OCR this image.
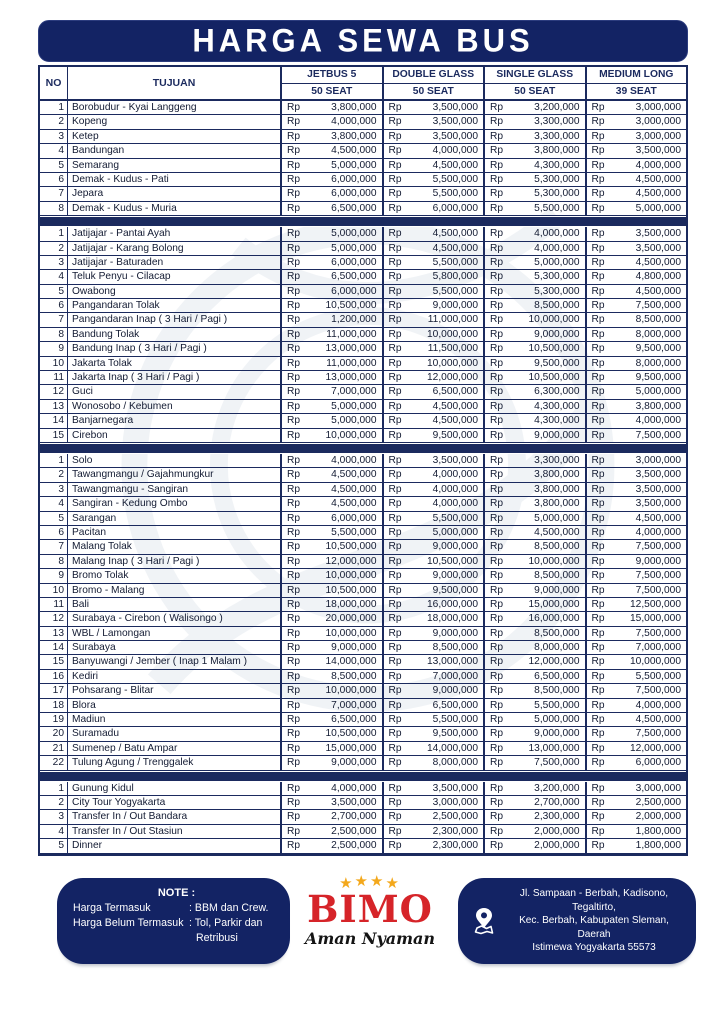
HARGA SEWA BUS
NO	TUJUAN
JETBUS 5
50 SEAT
DOUBLE GLASS
50 SEAT
SINGLE GLASS
50 SEAT
MEDIUM LONG
39 SEAT
1 Borobudur - Kyai Langgeng	Rp	3,800,000 Rp	3,500,000 Rp	3,200,000 Rp	3,000,000
2 Kopeng	Rp	4,000,000 Rp	3,500,000 Rp	3,300,000 Rp	3,000,000
3 Ketep	Rp	3,800,000 Rp	3,500,000 Rp	3,300,000 Rp	3,000,000
4 Bandungan	Rp	4,500,000 Rp	4,000,000 Rp	3,800,000 Rp	3,500,000
5 Semarang	Rp	5,000,000 Rp	4,500,000 Rp	4,300,000 Rp	4,000,000
6 Demak - Kudus - Pati	Rp	6,000,000 Rp	5,500,000 Rp	5,300,000 Rp	4,500,000
7 Jepara	Rp	6,000,000 Rp	5,500,000 Rp	5,300,000 Rp	4,500,000
8 Demak - Kudus - Muria	Rp	6,500,000 Rp	6,000,000 Rp	5,500,000 Rp	5,000,000
1 Jatijajar - Pantai Ayah	Rp	5,000,000 Rp	4,500,000 Rp	4,000,000 Rp	3,500,000
2 Jatijajar - Karang Bolong	Rp	5,000,000 Rp	4,500,000 Rp	4,000,000 Rp	3,500,000
3 Jatijajar - Baturaden	Rp	6,000,000 Rp	5,500,000 Rp	5,000,000 Rp	4,500,000
4 Teluk Penyu - Cilacap	Rp	6,500,000 Rp	5,800,000 Rp	5,300,000 Rp	4,800,000
5 Owabong	Rp	6,000,000 Rp	5,500,000 Rp	5,300,000 Rp	4,500,000
6 Pangandaran Tolak	Rp 10,500,000 Rp	9,000,000 Rp	8,500,000 Rp	7,500,000
7 Pangandaran Inap ( 3 Hari / Pagi )	Rp	1,200,000 Rp	11,000,000 Rp 10,000,000 Rp	8,500,000
8 Bandung Tolak	Rp	11,000,000 Rp 10,000,000 Rp	9,000,000 Rp	8,000,000
9 Bandung Inap ( 3 Hari / Pagi )	Rp 13,000,000 Rp	11,500,000 Rp 10,500,000 Rp	9,500,000
10 Jakarta Tolak	Rp	11,000,000 Rp 10,000,000 Rp	9,500,000 Rp	8,000,000
11 Jakarta Inap ( 3 Hari / Pagi )	Rp 13,000,000 Rp 12,000,000 Rp 10,500,000 Rp	9,500,000
12 Guci	Rp	7,000,000 Rp	6,500,000 Rp	6,300,000 Rp	5,000,000
13 Wonosobo / Kebumen	Rp	5,000,000 Rp	4,500,000 Rp	4,300,000 Rp	3,800,000
14 Banjarnegara	Rp	5,000,000 Rp	4,500,000 Rp	4,300,000 Rp	4,000,000
15 Cirebon	Rp 10,000,000 Rp	9,500,000 Rp	9,000,000 Rp	7,500,000
1 Solo	Rp	4,000,000 Rp	3,500,000 Rp	3,300,000 Rp	3,000,000
2 Tawangmangu / Gajahmungkur	Rp	4,500,000 Rp	4,000,000 Rp	3,800,000 Rp	3,500,000
3 Tawangmangu - Sangiran	Rp	4,500,000 Rp	4,000,000 Rp	3,800,000 Rp	3,500,000
4 Sangiran - Kedung Ombo	Rp	4,500,000 Rp	4,000,000 Rp	3,800,000 Rp	3,500,000
5 Sarangan	Rp	6,000,000 Rp	5,500,000 Rp	5,000,000 Rp	4,500,000
6 Pacitan	Rp	5,500,000 Rp	5,000,000 Rp	4,500,000 Rp	4,000,000
7 Malang Tolak	Rp 10,500,000 Rp	9,000,000 Rp	8,500,000 Rp	7,500,000
8 Malang Inap ( 3 Hari / Pagi )	Rp 12,000,000 Rp 10,500,000 Rp 10,000,000 Rp	9,000,000
9 Bromo Tolak	Rp 10,000,000 Rp	9,000,000 Rp	8,500,000 Rp	7,500,000
10 Bromo - Malang	Rp 10,500,000 Rp	9,500,000 Rp	9,000,000 Rp	7,500,000
11 Bali	Rp 18,000,000 Rp 16,000,000 Rp 15,000,000 Rp 12,500,000
12 Surabaya - Cirebon ( Walisongo )	Rp 20,000,000 Rp 18,000,000 Rp 16,000,000 Rp 15,000,000
13 WBL / Lamongan	Rp 10,000,000 Rp	9,000,000 Rp	8,500,000 Rp	7,500,000
14 Surabaya	Rp	9,000,000 Rp	8,500,000 Rp	8,000,000 Rp	7,000,000
15 Banyuwangi / Jember ( Inap 1 Malam )	Rp 14,000,000 Rp 13,000,000 Rp 12,000,000 Rp 10,000,000
16 Kediri	Rp	8,500,000 Rp	7,000,000 Rp	6,500,000 Rp	5,500,000
17 Pohsarang - Blitar	Rp 10,000,000 Rp	9,000,000 Rp	8,500,000 Rp	7,500,000
18 Blora	Rp	7,000,000 Rp	6,500,000 Rp	5,500,000 Rp	4,000,000
19 Madiun	Rp	6,500,000 Rp	5,500,000 Rp	5,000,000 Rp	4,500,000
20 Suramadu	Rp 10,500,000 Rp	9,500,000 Rp	9,000,000 Rp	7,500,000
21 Sumenep / Batu Ampar	Rp 15,000,000 Rp 14,000,000 Rp 13,000,000 Rp 12,000,000
22 Tulung Agung / Trenggalek	Rp	9,000,000 Rp	8,000,000 Rp	7,500,000 Rp	6,000,000
1 Gunung Kidul	Rp	4,000,000 Rp	3,500,000 Rp	3,200,000 Rp	3,000,000
2 City Tour Yogyakarta	Rp	3,500,000 Rp	3,000,000 Rp	2,700,000 Rp	2,500,000
3 Transfer In / Out Bandara	Rp	2,700,000 Rp	2,500,000 Rp	2,300,000 Rp	2,000,000
4 Transfer In / Out Stasiun	Rp	2,500,000 Rp	2,300,000 Rp	2,000,000 Rp	1,800,000
5 Dinner	Rp	2,500,000 Rp	2,300,000 Rp	2,000,000 Rp	1,800,000
NOTE :
Harga Termasuk	: BBM dan Crew.
Harga Belum Termasuk : Tol, Parkir dan
Retribusi
★★★★
BIMO
Aman Nyaman
Jl. Sampaan - Berbah, Kadisono, Tegaltirto,
Kec. Berbah, Kabupaten Sleman, Daerah
Istimewa Yogyakarta 55573
